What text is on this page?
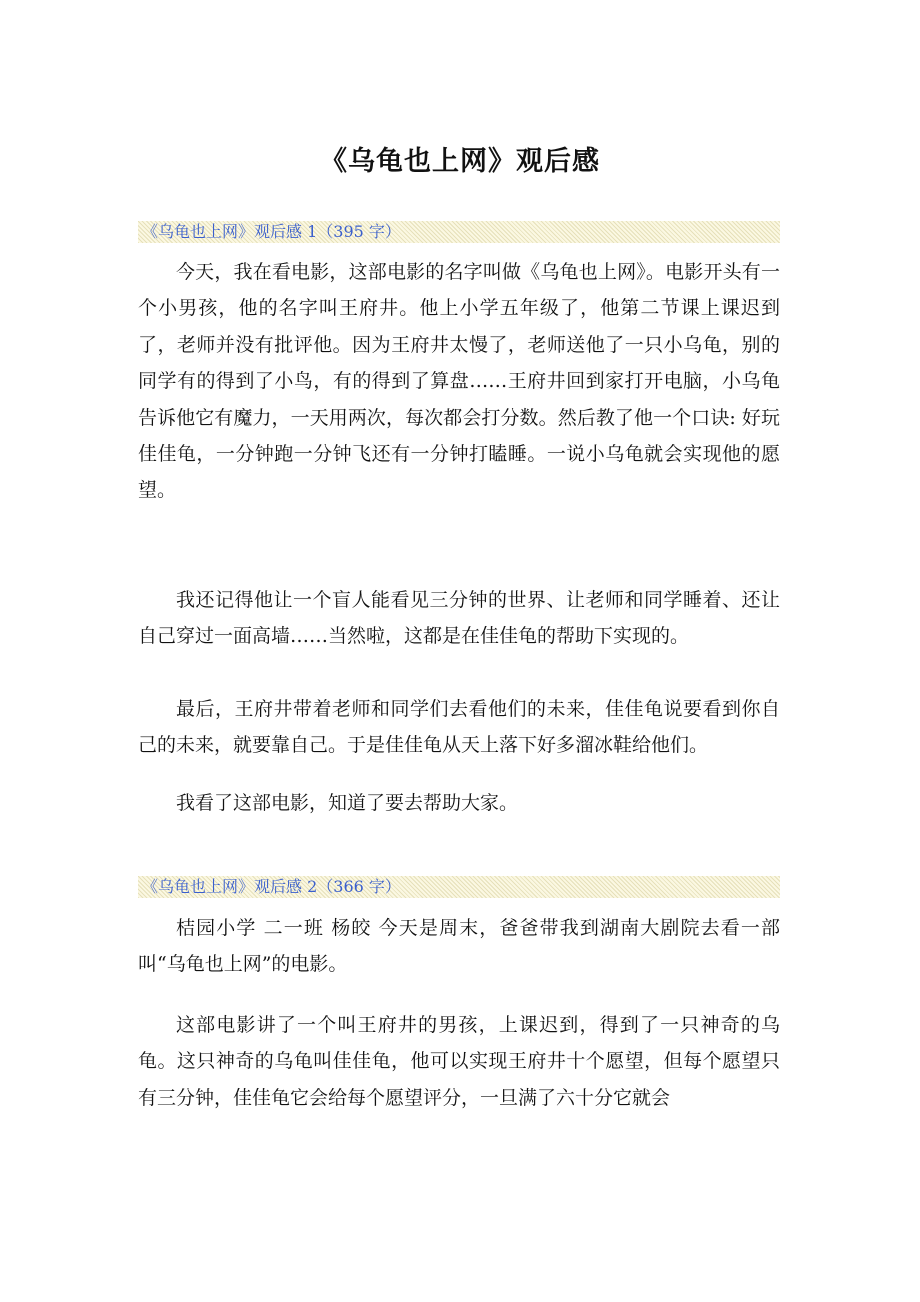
《乌龟也上网》观后感
《乌龟也上网》观后感 1（395 字）

今天，我在看电影，这部电影的名字叫做《乌龟也上网》。电影开头有一个小男孩，他的名字叫王府井。他上小学五年级了，他第二节课上课迟到了，老师并没有批评他。因为王府井太慢了，老师送他了一只小乌龟，别的同学有的得到了小鸟，有的得到了算盘……王府井回到家打开电脑，小乌龟告诉他它有魔力，一天用两次，每次都会打分数。然后教了他一个口诀: 好玩佳佳龟，一分钟跑一分钟飞还有一分钟打瞌睡。一说小乌龟就会实现他的愿望。

我还记得他让一个盲人能看见三分钟的世界、让老师和同学睡着、还让自己穿过一面高墙……当然啦，这都是在佳佳龟的帮助下实现的。

最后，王府井带着老师和同学们去看他们的未来，佳佳龟说要看到你自己的未来，就要靠自己。于是佳佳龟从天上落下好多溜冰鞋给他们。

我看了这部电影，知道了要去帮助大家。

《乌龟也上网》观后感 2（366 字）

桔园小学 二一班 杨皎 今天是周末，爸爸带我到湖南大剧院去看一部叫“乌龟也上网”的电影。

这部电影讲了一个叫王府井的男孩，上课迟到，得到了一只神奇的乌龟。这只神奇的乌龟叫佳佳龟，他可以实现王府井十个愿望，但每个愿望只有三分钟，佳佳龟它会给每个愿望评分，一旦满了六十分它就会
